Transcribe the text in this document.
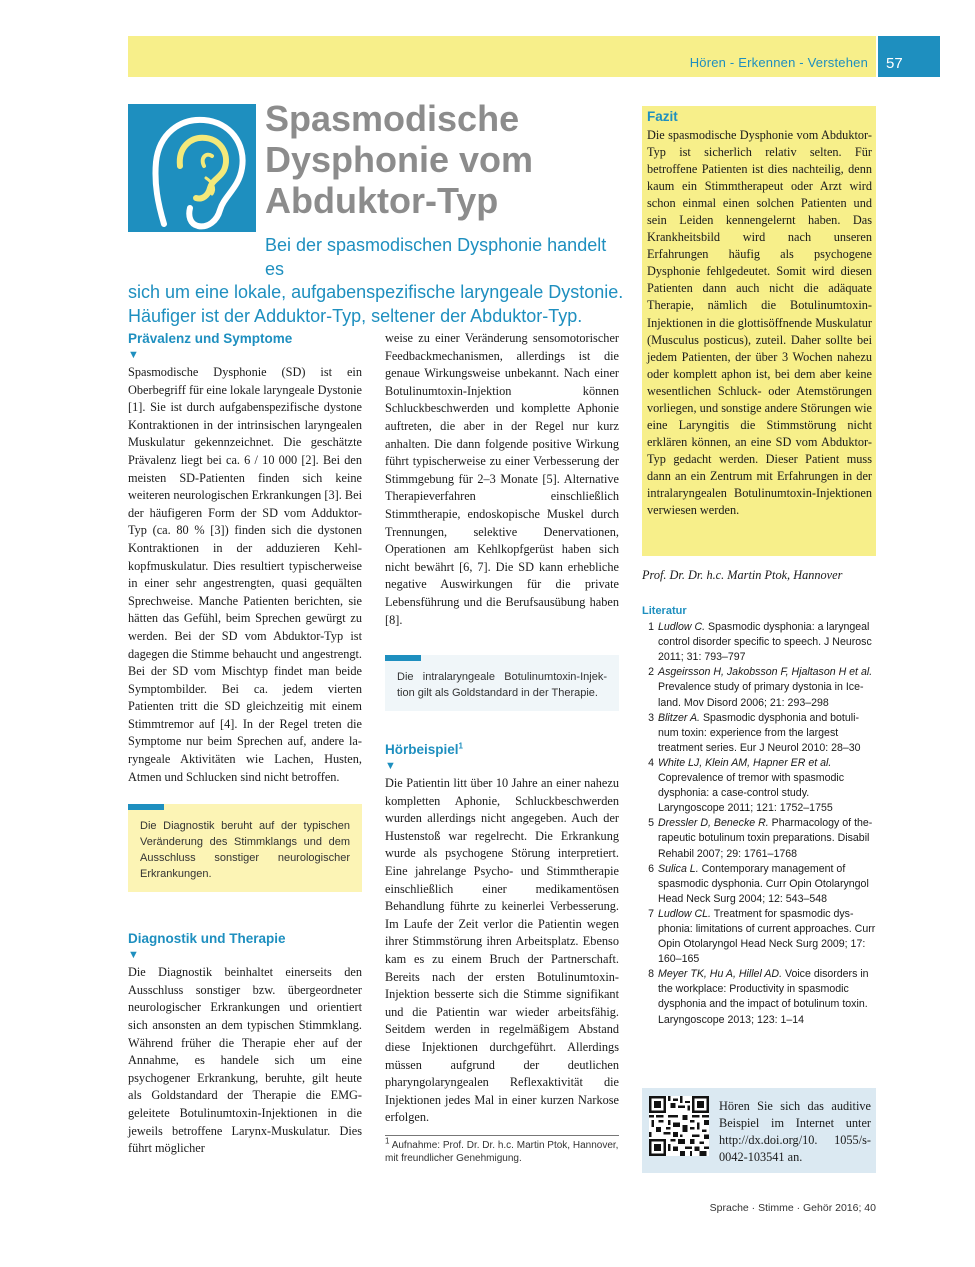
Hören - Erkennen - Verstehen	57
Spasmodische
Dysphonie vom
Abduktor-Typ
Bei der spasmodischen Dysphonie handelt es
sich um eine lokale, aufgabenspezifische laryngeale Dystonie.
Häufiger ist der Adduktor-Typ, seltener der Abduktor-Typ.
Prävalenz und Symptome
▼

Spasmodische Dysphonie (SD) ist ein Oberbegriff für eine lokale laryngeale Dystonie [1]. Sie ist durch aufgabenspezifische dystone Kontraktionen in der intrinsischen laryngealen Muskulatur gekennzeichnet. Die geschätzte Prävalenz liegt bei ca. 6 / 10 000 [2]. Bei den meisten SD-Patienten finden sich keine weiteren neurologischen Erkrankungen [3]. Bei der häufigeren Form der SD vom Adduktor-Typ (ca. 80 % [3]) finden sich die dystonen Kontraktionen in der adduzieren Kehlkopfmuskulatur. Dies resultiert typischerweise in einer sehr angestrengten, quasi gequälten Sprechweise. Manche Patienten berichten, sie hätten das Gefühl, beim Sprechen gewürgt zu werden. Bei der SD vom Abduktor-Typ ist dagegen die Stimme behaucht und angestrengt. Bei der SD vom Mischtyp findet man beide Symptombilder. Bei ca. jedem vierten Patienten tritt die SD gleichzeitig mit einem Stimmtremor auf [4]. In der Regel treten die Symptome nur beim Sprechen auf, andere laryngeale Aktivitäten wie Lachen, Husten, Atmen und Schlucken sind nicht betroffen.

Die Diagnostik beruht auf der typischen Veränderung des Stimmklangs und dem Ausschluss sonstiger neurologischer Erkrankungen.
Diagnostik und Therapie
▼

Die Diagnostik beinhaltet einerseits den Ausschluss sonstiger bzw. übergeordneter neurologischer Erkrankungen und orientiert sich ansonsten an dem typischen Stimmklang. Während früher die Therapie eher auf der Annahme, es handele sich um eine psychogener Erkrankung, beruhte, gilt heute als Goldstandard der Therapie die EMG-geleitete Botulinumtoxin-Injektionen in die jeweils betroffene Larynx-Muskulatur. Dies führt möglicher

weise zu einer Veränderung sensomotorischer Feedbackmechanismen, allerdings ist die genaue Wirkungsweise unbekannt. Nach einer Botulinumtoxin-Injektion können Schluckbeschwerden und komplette Aphonie auftreten, die aber in der Regel nur kurz anhalten. Die dann folgende positive Wirkung führt typischerweise zu einer Verbesserung der Stimmgebung für 2–3 Monate [5]. Alternative Therapieverfahren einschließlich Stimmtherapie, endoskopische Muskel durch Trennungen, selektive Denervationen, Operationen am Kehlkopfgerüst haben sich nicht bewährt [6, 7]. Die SD kann erhebliche negative Auswirkungen für die private Lebensführung und die Berufsausübung haben [8].

Die intralaryngeale Botulinumtoxin-Injektion gilt als Goldstandard in der Therapie.
Hörbeispiel$^1$
▼

Die Patientin litt über 10 Jahre an einer nahezu kompletten Aphonie, Schluckbeschwerden wurden allerdings nicht angegeben. Auch der Hustenstoß war regelrecht. Die Erkrankung wurde als psychogene Störung interpretiert. Eine jahrelange Psycho- und Stimmtherapie einschließlich einer medikamentösen Behandlung führte zu keinerlei Verbesserung. Im Laufe der Zeit verlor die Patientin wegen ihrer Stimmstörung ihren Arbeitsplatz. Ebenso kam es zu einem Bruch der Partnerschaft. Bereits nach der ersten Botulinumtoxin-Injektion besserte sich die Stimme signifikant und die Patientin war wieder arbeitsfähig. Seitdem werden in regelmäßigem Abstand diese Injektionen durchgeführt. Allerdings müssen aufgrund der deutlichen pharyngolaryngealen Reflexaktivität die Injektionen jedes Mal in einer kurzen Narkose erfolgen.

$^1$ Aufnahme: Prof. Dr. Dr. h.c. Martin Ptok, Hannover, mit freundlicher Genehmigung.
Fazit

Die spasmodische Dysphonie vom Abduktor-Typ ist sicherlich relativ selten. Für betroffene Patienten ist dies nachteilig, denn kaum ein Stimmtherapeut oder Arzt wird schon einmal einen solchen Patienten und sein Leiden kennengelernt haben. Das Krankheitsbild wird nach unseren Erfahrungen häufig als psychogene Dysphonie fehlgedeutet. Somit wird diesen Patienten dann auch nicht die adäquate Therapie, nämlich die Botulinumtoxin-Injektionen in die glottisöffnende Muskulatur (Musculus posticus), zuteil. Daher sollte bei jedem Patienten, der über 3 Wochen nahezu oder komplett aphon ist, bei dem aber keine wesentlichen Schluck- oder Atemstörungen vorliegen, und sonstige andere Störungen wie eine Laryngitis die Stimmstörung nicht erklären können, an eine SD vom Abduktor-Typ gedacht werden. Dieser Patient muss dann an ein Zentrum mit Erfahrungen in der intralaryngealen Botulinumtoxin-Injektionen verwiesen werden.

Prof. Dr. Dr. h.c. Martin Ptok, Hannover
Literatur
1 Ludlow C. Spasmodic dysphonia: a laryngeal control disorder specific to speech. J Neurosc 2011; 31: 793–797
2 Asgeirsson H, Jakobsson F, Hjaltason H et al. Prevalence study of primary dystonia in Iceland. Mov Disord 2006; 21: 293–298
3 Blitzer A. Spasmodic dysphonia and botulinum toxin: experience from the largest treatment series. Eur J Neurol 2010: 28–30
4 White LJ, Klein AM, Hapner ER et al. Coprevalence of tremor with spasmodic dysphonia: a case-control study. Laryngoscope 2011; 121: 1752–1755
5 Dressler D, Benecke R. Pharmacology of therapeutic botulinum toxin preparations. Disabil Rehabil 2007; 29: 1761–1768
6 Sulica L. Contemporary management of spasmodic dysphonia. Curr Opin Otolaryngol Head Neck Surg 2004; 12: 543–548
7 Ludlow CL. Treatment for spasmodic dysphonia: limitations of current approaches. Curr Opin Otolaryngol Head Neck Surg 2009; 17: 160–165
8 Meyer TK, Hu A, Hillel AD. Voice disorders in the workplace: Productivity in spasmodic dysphonia and the impact of botulinum toxin. Laryngoscope 2013; 123: 1–14
Hören Sie sich das auditive Beispiel im Internet unter http://dx.doi.org/10. 1055/s-0042-103541 an.
Sprache · Stimme · Gehör 2016; 40
